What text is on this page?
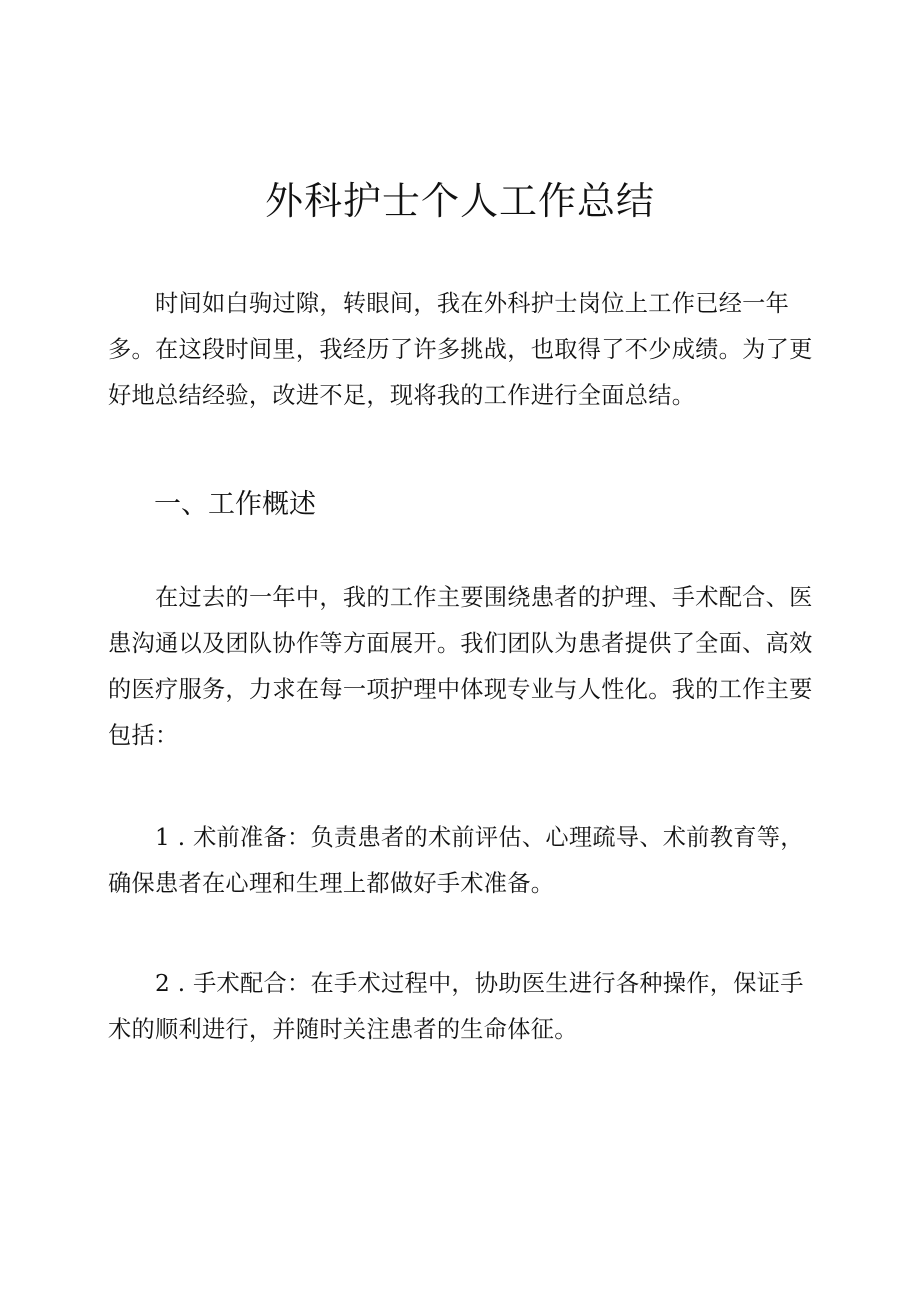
外科护士个人工作总结

时间如白驹过隙，转眼间，我在外科护士岗位上工作已经一年多。在这段时间里，我经历了许多挑战，也取得了不少成绩。为了更好地总结经验，改进不足，现将我的工作进行全面总结。

一、工作概述

在过去的一年中，我的工作主要围绕患者的护理、手术配合、医患沟通以及团队协作等方面展开。我们团队为患者提供了全面、高效的医疗服务，力求在每一项护理中体现专业与人性化。我的工作主要包括：

1 . 术前准备：负责患者的术前评估、心理疏导、术前教育等，确保患者在心理和生理上都做好手术准备。

2 . 手术配合：在手术过程中，协助医生进行各种操作，保证手术的顺利进行，并随时关注患者的生命体征。
